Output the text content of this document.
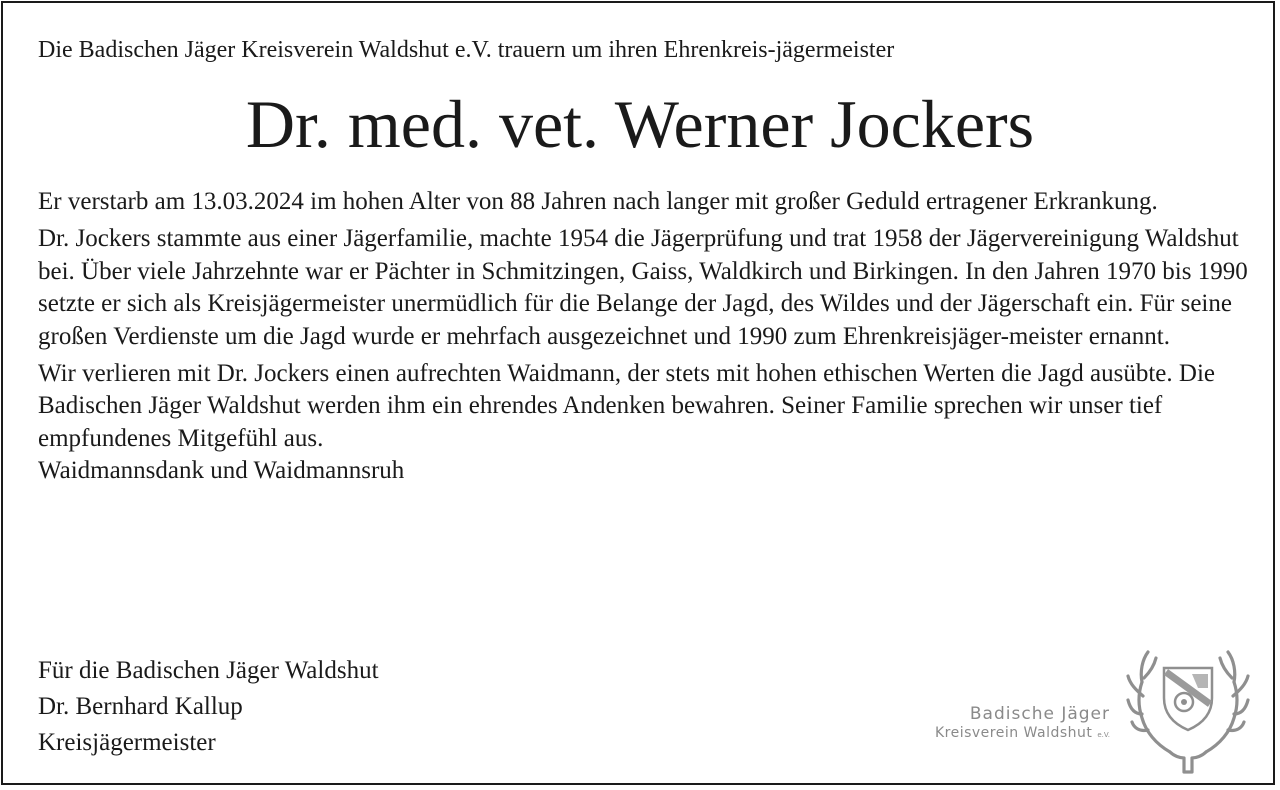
Die Badischen Jäger Kreisverein Waldshut e.V. trauern um ihren Ehrenkreis-jägermeister
Dr. med. vet. Werner Jockers

Er verstarb am 13.03.2024 im hohen Alter von 88 Jahren nach langer mit großer Geduld ertragener Erkrankung.

Dr. Jockers stammte aus einer Jägerfamilie, machte 1954 die Jägerprüfung und trat 1958 der Jägervereinigung Waldshut bei. Über viele Jahrzehnte war er Pächter in Schmitzingen, Gaiss, Waldkirch und Birkingen. In den Jahren 1970 bis 1990 setzte er sich als Kreisjägermeister unermüdlich für die Belange der Jagd, des Wildes und der Jägerschaft ein. Für seine großen Verdienste um die Jagd wurde er mehrfach ausgezeichnet und 1990 zum Ehrenkreisjäger-meister ernannt.

Wir verlieren mit Dr. Jockers einen aufrechten Waidmann, der stets mit hohen ethischen Werten die Jagd ausübte. Die Badischen Jäger Waldshut werden ihm ein ehrendes Andenken bewahren. Seiner Familie sprechen wir unser tief empfundenes Mitgefühl aus.

Waidmannsdank und Waidmannsruh

Für die Badischen Jäger Waldshut
Dr. Bernhard Kallup
Kreisjägermeister
Badische Jäger
Kreisverein Waldshut e.V.
